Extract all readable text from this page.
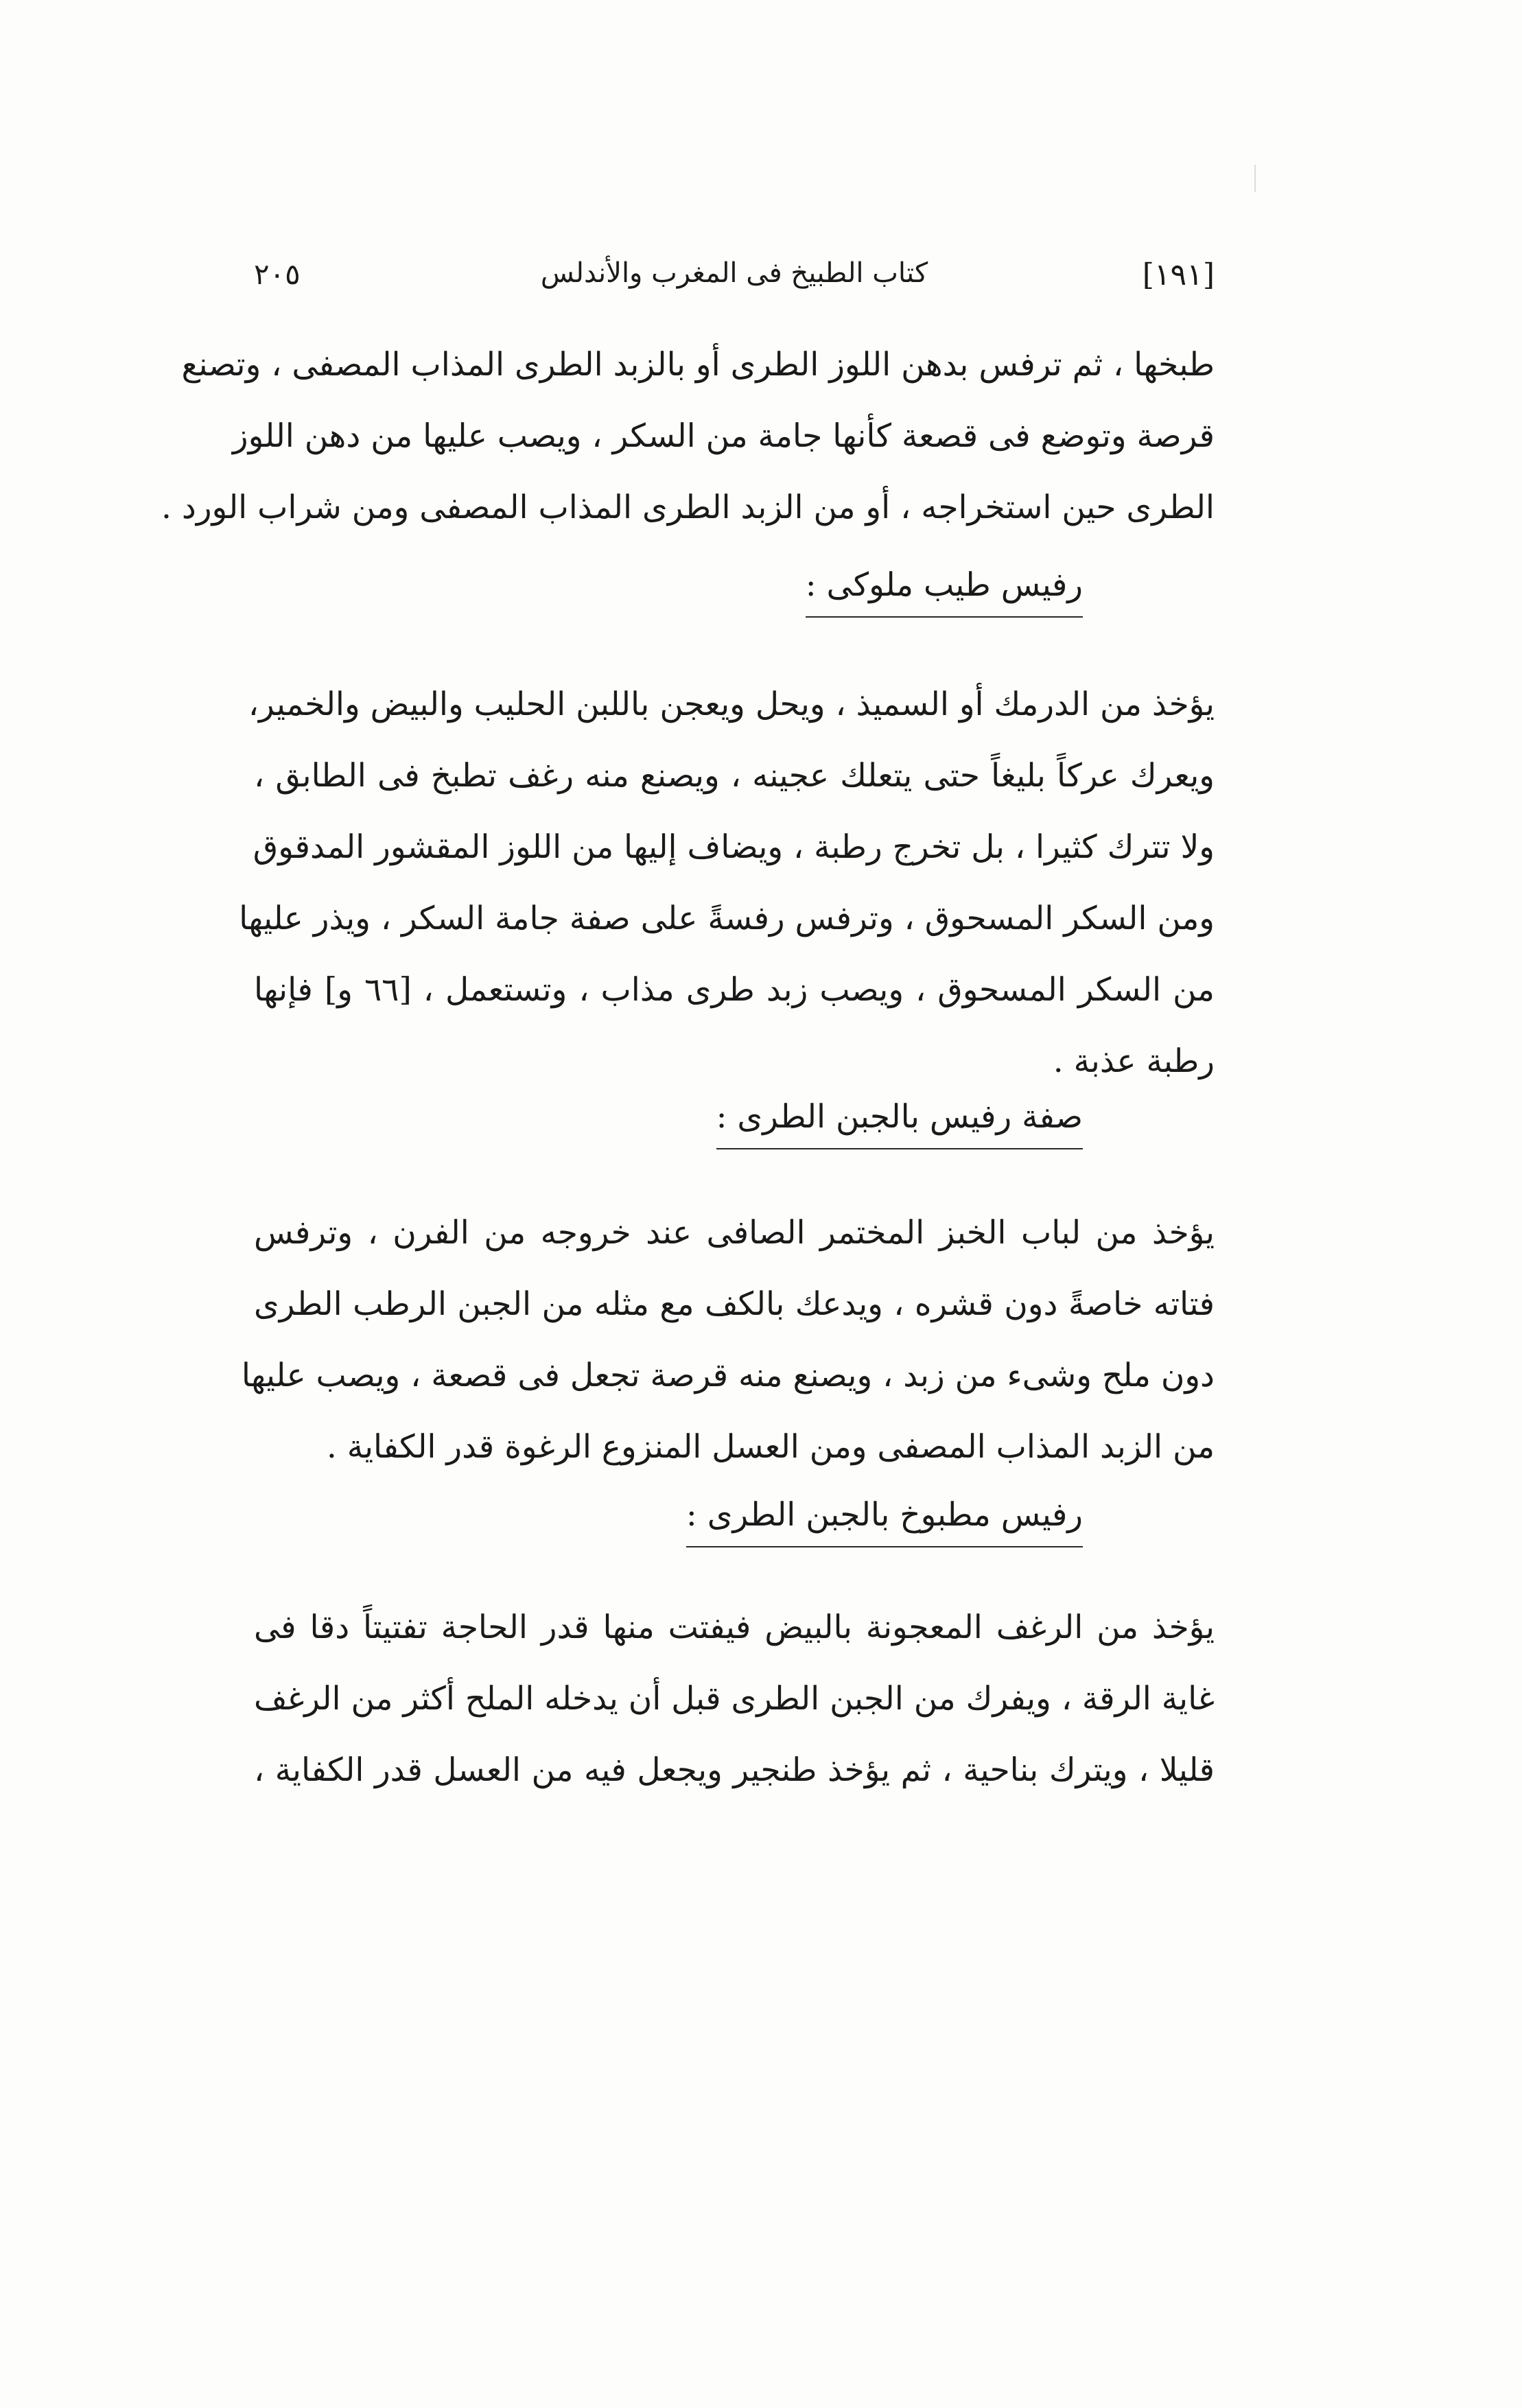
[١٩١]
كتاب الطبيخ فى المغرب والأندلس
٢٠٥
طبخها ، ثم ترفس بدهن اللوز الطرى أو بالزبد الطرى المذاب المصفى ، وتصنع
قرصة وتوضع فى قصعة كأنها جامة من السكر ، ويصب عليها من دهن اللوز
الطرى حين استخراجه ، أو من الزبد الطرى المذاب المصفى ومن شراب الورد .
رفيس طيب ملوكى :
يؤخذ من الدرمك أو السميذ ، ويحل ويعجن باللبن الحليب والبيض والخمير،
ويعرك عركاً بليغاً حتى يتعلك عجينه ، ويصنع منه رغف تطبخ فى الطابق ،
ولا تترك كثيرا ، بل تخرج رطبة ، ويضاف إليها من اللوز المقشور المدقوق
ومن السكر المسحوق ، وترفس رفسةً على صفة جامة السكر ، ويذر عليها
من السكر المسحوق ، ويصب زبد طرى مذاب ، وتستعمل ، [٦٦ و] فإنها
رطبة عذبة .
صفة رفيس بالجبن الطرى :
يؤخذ من لباب الخبز المختمر الصافى عند خروجه من الفرن ، وترفس
فتاته خاصةً دون قشره ، ويدعك بالكف مع مثله من الجبن الرطب الطرى
دون ملح وشىء من زبد ، ويصنع منه قرصة تجعل فى قصعة ، ويصب عليها
من الزبد المذاب المصفى ومن العسل المنزوع الرغوة قدر الكفاية .
رفيس مطبوخ بالجبن الطرى :
يؤخذ من الرغف المعجونة بالبيض فيفتت منها قدر الحاجة تفتيتاً دقا فى
غاية الرقة ، ويفرك من الجبن الطرى قبل أن يدخله الملح أكثر من الرغف
قليلا ، ويترك بناحية ، ثم يؤخذ طنجير ويجعل فيه من العسل قدر الكفاية ،
